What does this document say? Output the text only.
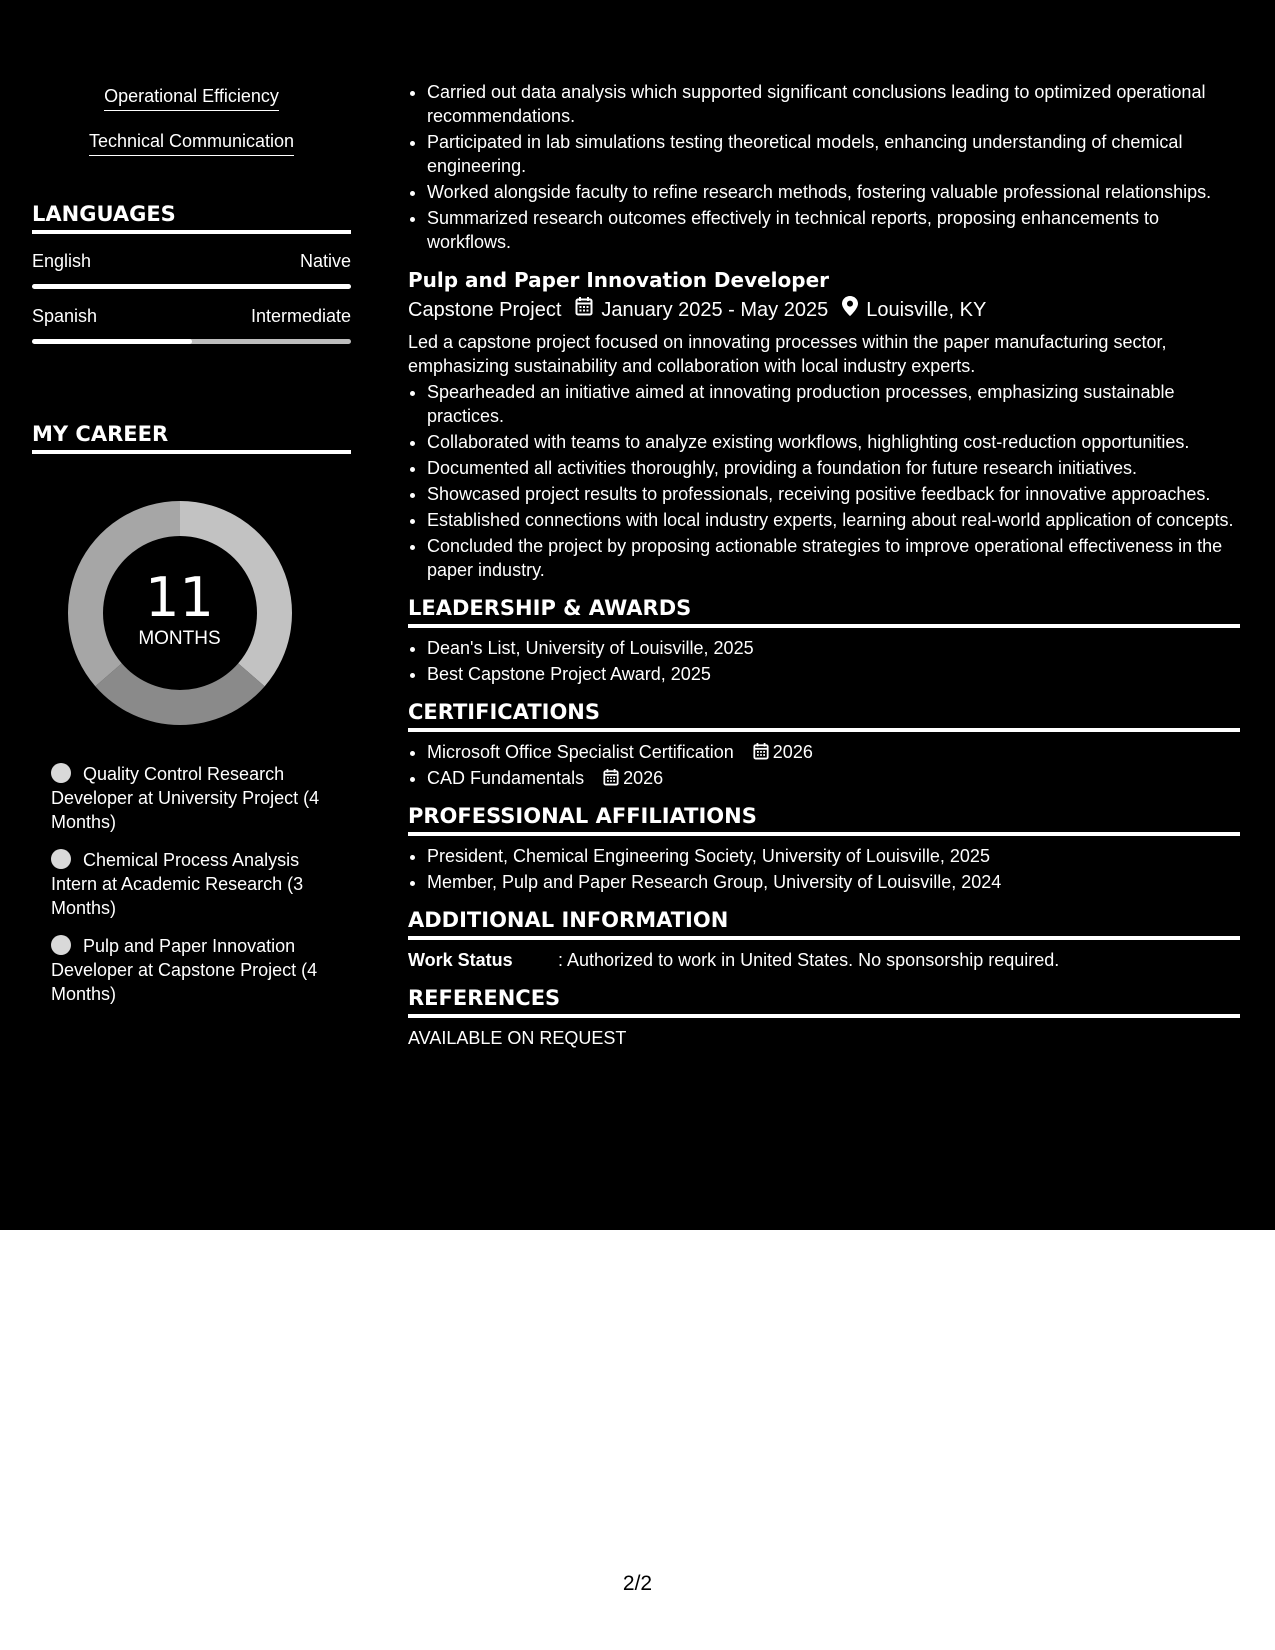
Operational Efficiency
Technical Communication
LANGUAGES
English	Native
Spanish	Intermediate
MY CAREER
11
MONTHS
Quality Control Research Developer at University Project (4 Months)
Chemical Process Analysis Intern at Academic Research (3 Months)
Pulp and Paper Innovation Developer at Capstone Project (4 Months)
• Carried out data analysis which supported significant conclusions leading to optimized operational recommendations.
• Participated in lab simulations testing theoretical models, enhancing understanding of chemical engineering.
• Worked alongside faculty to refine research methods, fostering valuable professional relationships.
• Summarized research outcomes effectively in technical reports, proposing enhancements to workflows.
Pulp and Paper Innovation Developer
Capstone Project January 2025 - May 2025 Louisville, KY
Led a capstone project focused on innovating processes within the paper manufacturing sector, emphasizing sustainability and collaboration with local industry experts.
• Spearheaded an initiative aimed at innovating production processes, emphasizing sustainable practices.
• Collaborated with teams to analyze existing workflows, highlighting cost-reduction opportunities.
• Documented all activities thoroughly, providing a foundation for future research initiatives.
• Showcased project results to professionals, receiving positive feedback for innovative approaches.
• Established connections with local industry experts, learning about real-world application of concepts.
• Concluded the project by proposing actionable strategies to improve operational effectiveness in the paper industry.
LEADERSHIP & AWARDS
• Dean's List, University of Louisville, 2025
• Best Capstone Project Award, 2025
CERTIFICATIONS
• Microsoft Office Specialist Certification 2026
• CAD Fundamentals 2026
PROFESSIONAL AFFILIATIONS
• President, Chemical Engineering Society, University of Louisville, 2025
• Member, Pulp and Paper Research Group, University of Louisville, 2024
ADDITIONAL INFORMATION
Work Status	: Authorized to work in United States. No sponsorship required.
REFERENCES
AVAILABLE ON REQUEST
2/2
